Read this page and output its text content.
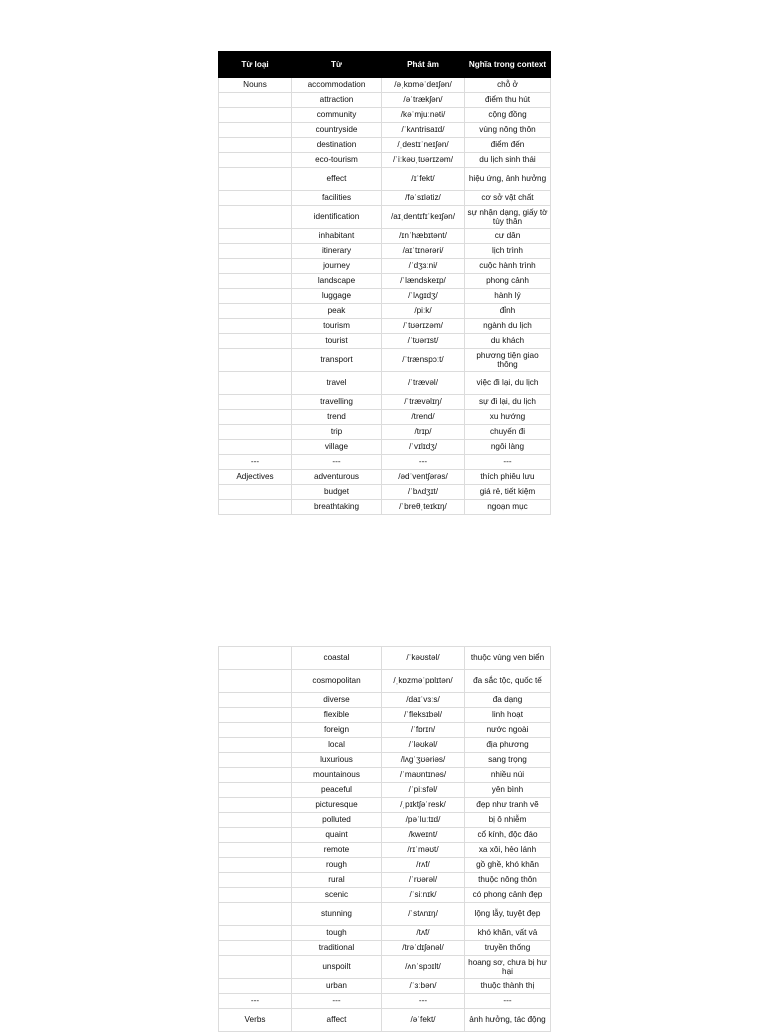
Từ loại	Từ	Phát âm	Nghĩa trong context
Nouns	accommodation	/əˌkɒməˈdeɪʃən/	chỗ ở
	attraction	/əˈtrækʃən/	điểm thu hút
	community	/kəˈmjuːnəti/	cộng đồng
	countryside	/ˈkʌntrisaɪd/	vùng nông thôn
	destination	/ˌdestɪˈneɪʃən/	điểm đến
	eco-tourism	/ˈiːkəʊˌtʊərɪzəm/	du lịch sinh thái
	effect	/ɪˈfekt/	hiệu ứng, ảnh hưởng
	facilities	/fəˈsɪlətiz/	cơ sở vật chất
	identification	/aɪˌdentɪfɪˈkeɪʃən/	sự nhận dạng, giấy tờ tùy thân
	inhabitant	/ɪnˈhæbɪtənt/	cư dân
	itinerary	/aɪˈtɪnərəri/	lịch trình
	journey	/ˈdʒɜːni/	cuộc hành trình
	landscape	/ˈlændskeɪp/	phong cảnh
	luggage	/ˈlʌɡɪdʒ/	hành lý
	peak	/piːk/	đỉnh
	tourism	/ˈtʊərɪzəm/	ngành du lịch
	tourist	/ˈtʊərɪst/	du khách
	transport	/ˈtrænspɔːt/	phương tiện giao thông
	travel	/ˈtrævəl/	việc đi lại, du lịch
	travelling	/ˈtrævəlɪŋ/	sự đi lại, du lịch
	trend	/trend/	xu hướng
	trip	/trɪp/	chuyến đi
	village	/ˈvɪlɪdʒ/	ngôi làng
---	---	---	---
Adjectives	adventurous	/ədˈventʃərəs/	thích phiêu lưu
	budget	/ˈbʌdʒɪt/	giá rẻ, tiết kiệm
	breathtaking	/ˈbreθˌteɪkɪŋ/	ngoạn mục
	coastal	/ˈkəʊstəl/	thuộc vùng ven biển
	cosmopolitan	/ˌkɒzməˈpɒlɪtən/	đa sắc tộc, quốc tế
	diverse	/daɪˈvɜːs/	đa dạng
	flexible	/ˈfleksɪbəl/	linh hoạt
	foreign	/ˈfɒrɪn/	nước ngoài
	local	/ˈləʊkəl/	địa phương
	luxurious	/lʌɡˈʒʊəriəs/	sang trọng
	mountainous	/ˈmaʊntɪnəs/	nhiều núi
	peaceful	/ˈpiːsfəl/	yên bình
	picturesque	/ˌpɪktʃəˈresk/	đẹp như tranh vẽ
	polluted	/pəˈluːtɪd/	bị ô nhiễm
	quaint	/kweɪnt/	cổ kính, độc đáo
	remote	/rɪˈməʊt/	xa xôi, hẻo lánh
	rough	/rʌf/	gồ ghề, khó khăn
	rural	/ˈrʊərəl/	thuộc nông thôn
	scenic	/ˈsiːnɪk/	có phong cảnh đẹp
	stunning	/ˈstʌnɪŋ/	lộng lẫy, tuyệt đẹp
	tough	/tʌf/	khó khăn, vất vả
	traditional	/trəˈdɪʃənəl/	truyền thống
	unspoilt	/ʌnˈspɔɪlt/	hoang sơ, chưa bị hư hại
	urban	/ˈɜːbən/	thuộc thành thị
---	---	---	---
Verbs	affect	/əˈfekt/	ảnh hưởng, tác động
